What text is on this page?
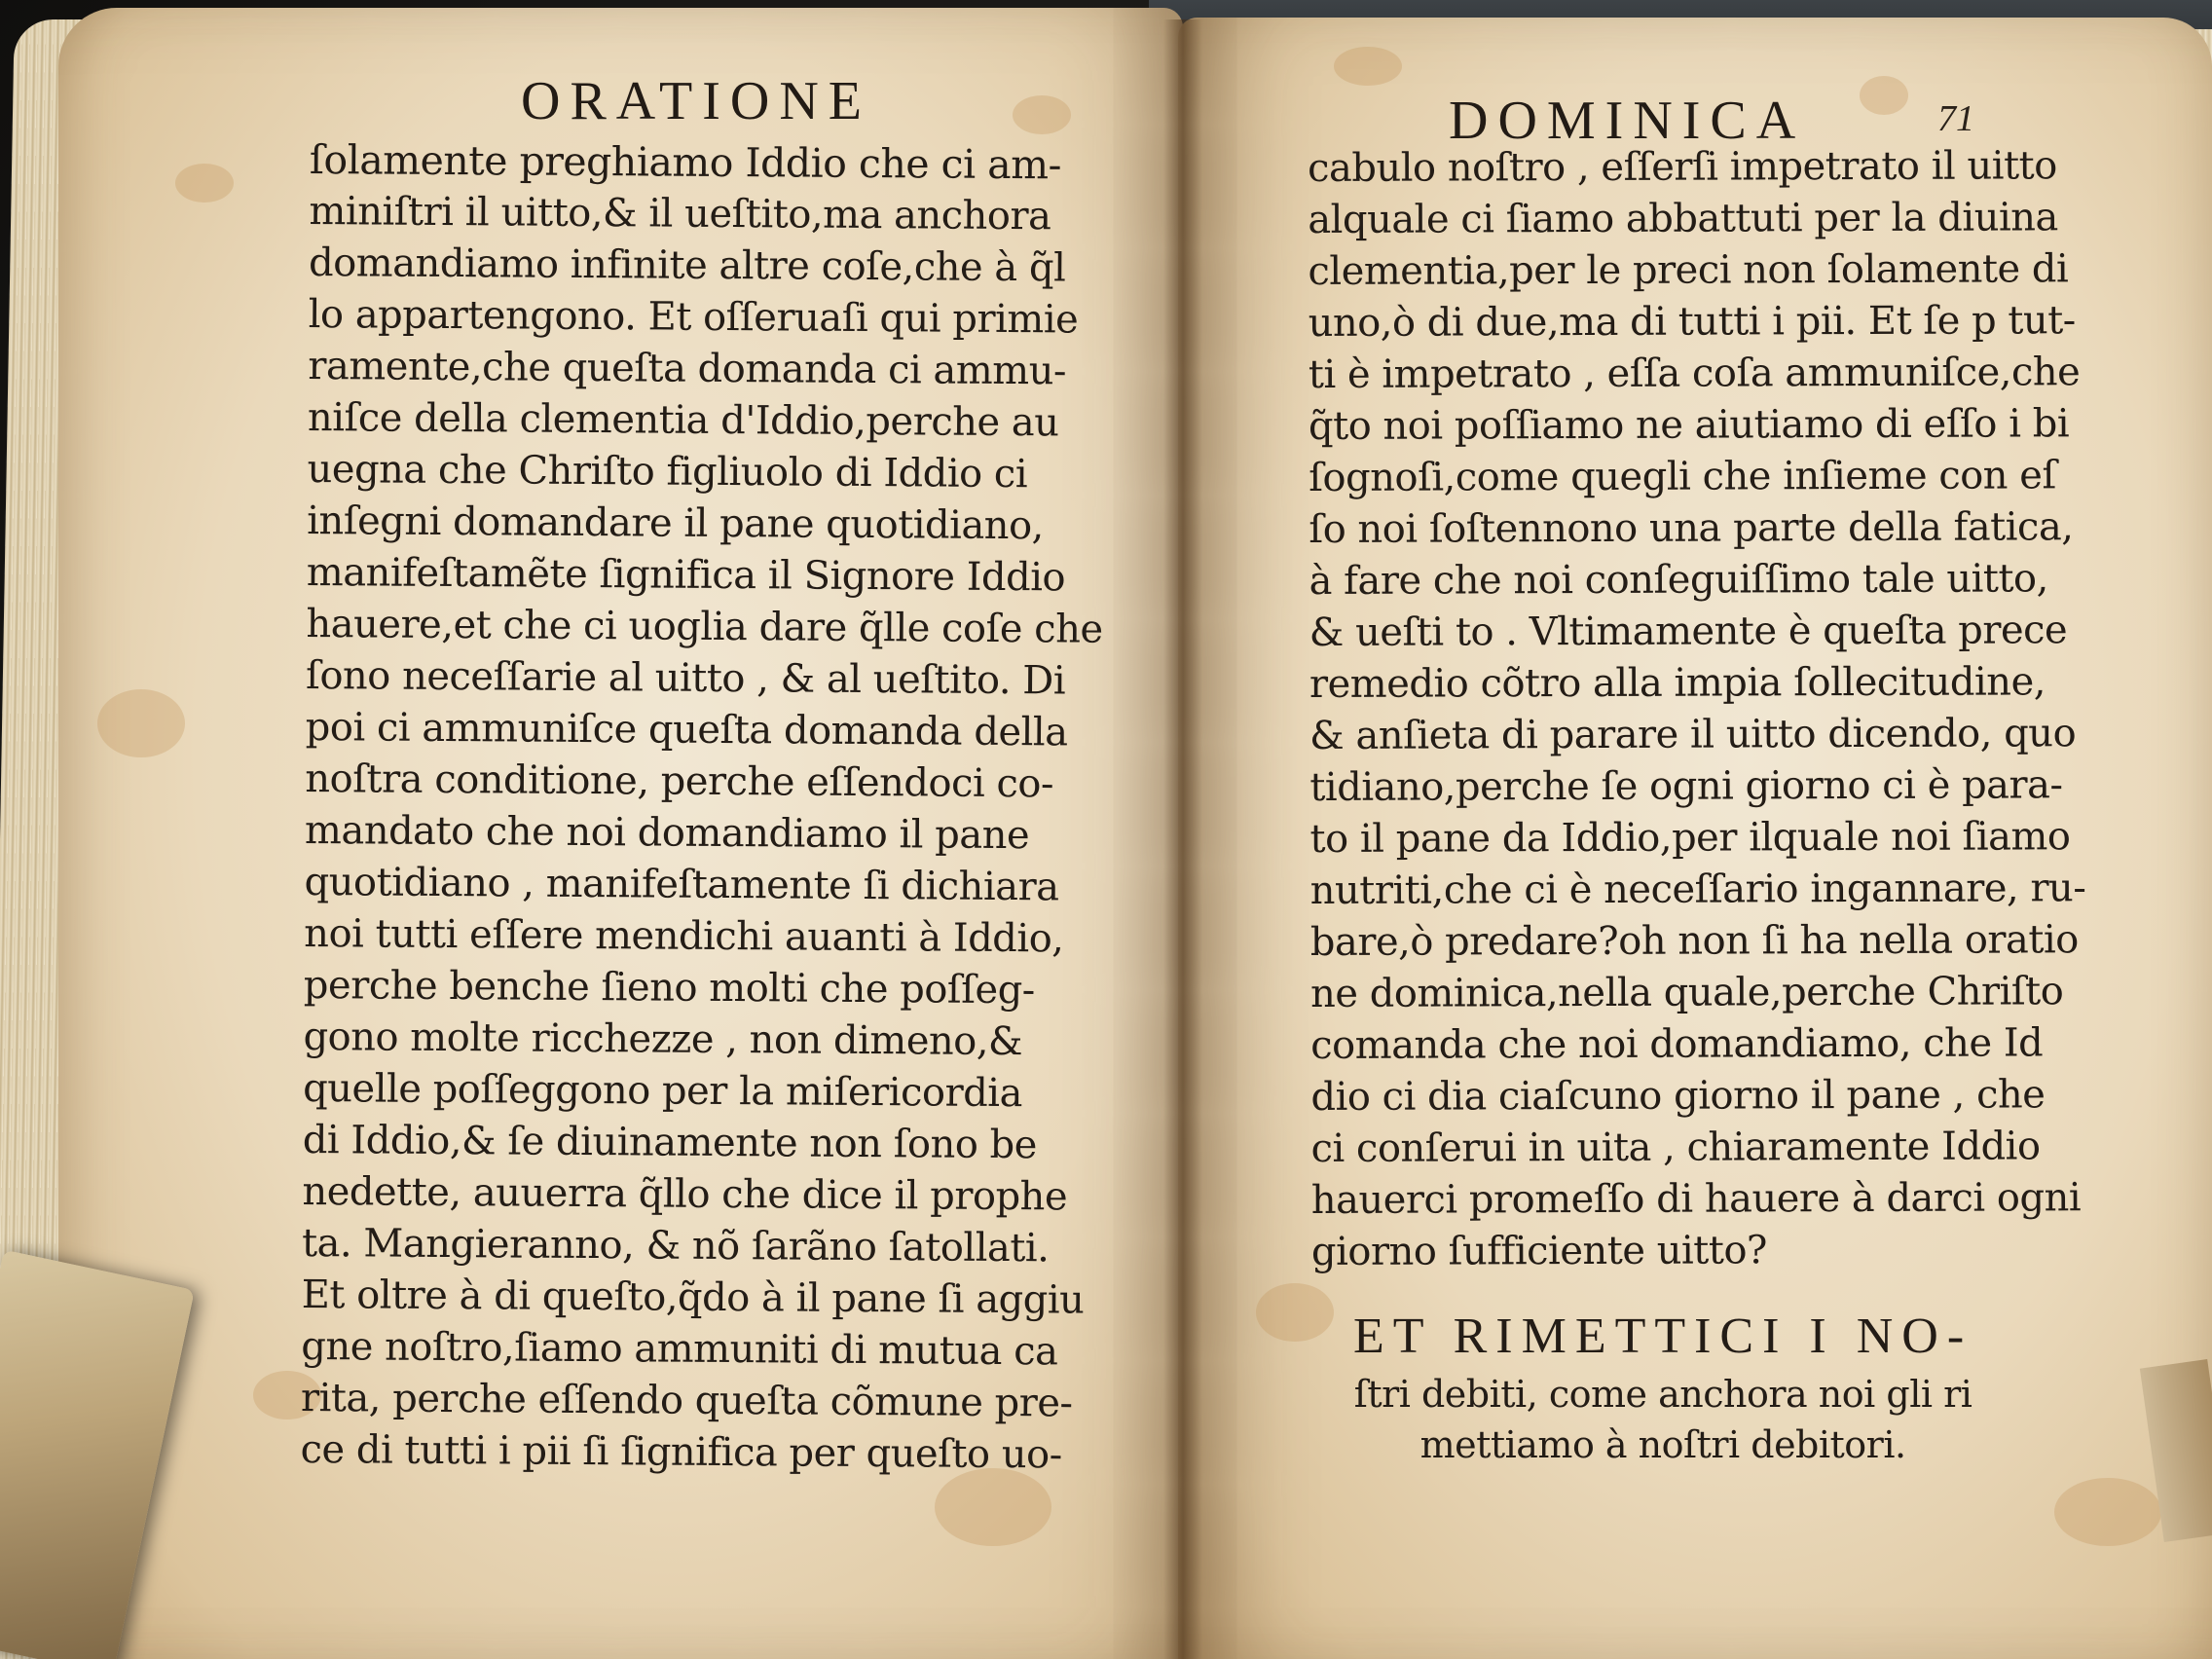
ORATIONE	DOMINICA	71
ſolamente preghiamo Iddio che ci am-
miniſtri il uitto,& il ueſtito,ma anchora
domandiamo infinite altre coſe,che à q̃l
lo appartengono. Et oſſeruaſi qui primie
ramente,che queſta domanda ci ammu-
niſce della clementia d'Iddio,perche au
uegna che Chriſto figliuolo di Iddio ci
inſegni domandare il pane quotidiano,
manifeſtamẽte ſignifica il Signore Iddio
hauere,et che ci uoglia dare q̃lle coſe che
ſono neceſſarie al uitto , & al ueſtito. Di
poi ci ammuniſce queſta domanda della
noſtra conditione, perche eſſendoci co-
mandato che noi domandiamo il pane
quotidiano , manifeſtamente ſi dichiara
noi tutti eſſere mendichi auanti à Iddio,
perche benche ſieno molti che poſſeg-
gono molte ricchezze , non dimeno,&
quelle poſſeggono per la miſericordia
di Iddio,& ſe diuinamente non ſono be
nedette, auuerra q̃llo che dice il prophe
ta. Mangieranno, & nõ ſarãno ſatollati.
Et oltre à di queſto,q̃do à il pane ſi aggiu
gne noſtro,ſiamo ammuniti di mutua ca
rita, perche eſſendo queſta cõmune pre-
ce di tutti i pii ſi ſignifica per queſto uo-
cabulo noſtro , eſſerſi impetrato il uitto
alquale ci ſiamo abbattuti per la diuina
clementia,per le preci non ſolamente di
uno,ò di due,ma di tutti i pii. Et ſe p tut-
ti è impetrato , eſſa coſa ammuniſce,che
q̃to noi poſſiamo ne aiutiamo di eſſo i bi
ſognoſi,come quegli che inſieme con eſ
ſo noi ſoſtennono una parte della fatica,
à fare che noi conſeguiſſimo tale uitto,
& ueſti to . Vltimamente è queſta prece
remedio cõtro alla impia ſollecitudine,
& anſieta di parare il uitto dicendo, quo
tidiano,perche ſe ogni giorno ci è para-
to il pane da Iddio,per ilquale noi ſiamo
nutriti,che ci è neceſſario ingannare, ru-
bare,ò predare?oh non ſi ha nella oratio
ne dominica,nella quale,perche Chriſto
comanda che noi domandiamo, che Id
dio ci dia ciaſcuno giorno il pane , che
ci conſerui in uita , chiaramente Iddio
hauerci promeſſo di hauere à darci ogni
giorno ſufficiente uitto?
ET RIMETTICI I NO-
ſtri debiti, come anchora noi gli ri
mettiamo à noſtri debitori.
